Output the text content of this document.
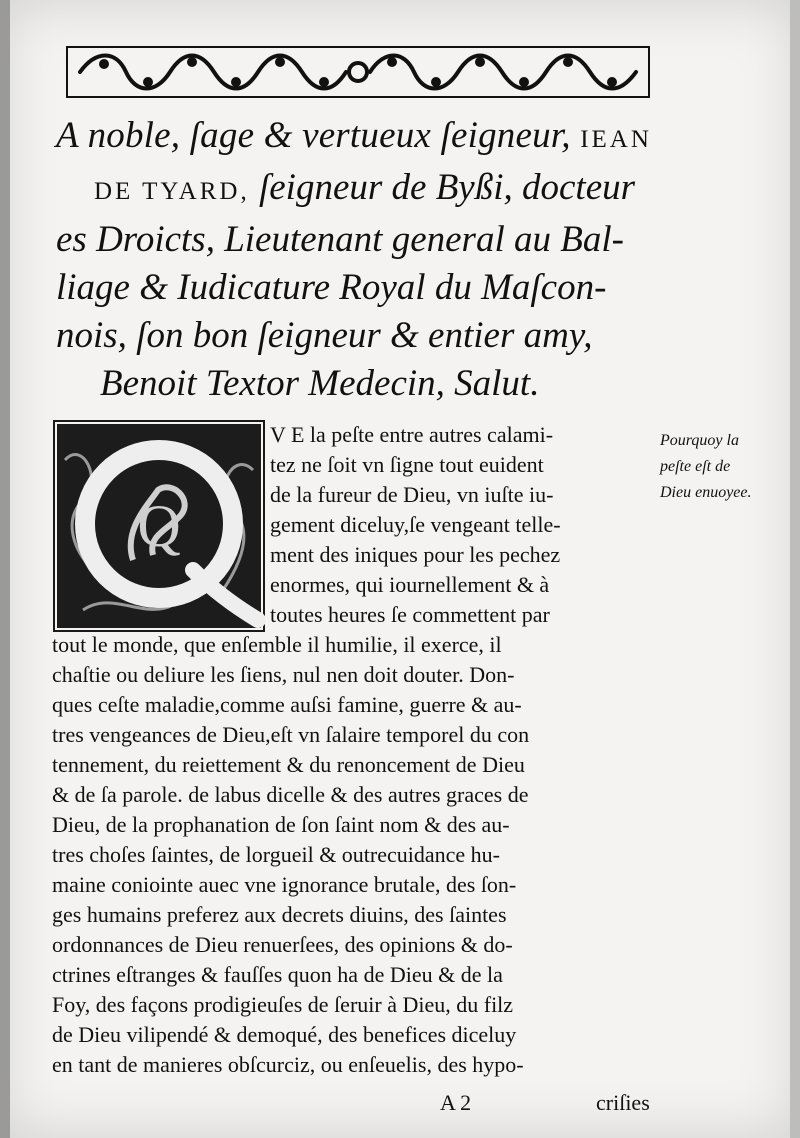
A noble, ſage & vertueux ſeigneur, IEAN
DE TYARD, ſeigneur de Byßi, docteur
es Droicts, Lieutenant general au Bal-
liage & Iudicature Royal du Maſcon-
nois, ſon bon ſeigneur & entier amy,
Benoit Textor Medecin, Salut.
Q
V E la peſte entre autres calami-
tez ne ſoit vn ſigne tout euident
de la fureur de Dieu, vn iuſte iu-
gement diceluy,ſe vengeant telle-
ment des iniques pour les pechez
enormes, qui iournellement & à
toutes heures ſe commettent par
tout le monde, que enſemble il humilie, il exerce, il
chaſtie ou deliure les ſiens, nul nen doit douter. Don-
ques ceſte maladie,comme auſsi famine, guerre & au-
tres vengeances de Dieu,eſt vn ſalaire temporel du con
tennement, du reiettement & du renoncement de Dieu
& de ſa parole. de labus dicelle & des autres graces de
Dieu, de la prophanation de ſon ſaint nom & des au-
tres choſes ſaintes, de lorgueil & outrecuidance hu-
maine coniointe auec vne ignorance brutale, des ſon-
ges humains preferez aux decrets diuins, des ſaintes
ordonnances de Dieu renuerſees, des opinions & do-
ctrines eſtranges & fauſſes quon ha de Dieu & de la
Foy, des façons prodigieuſes de ſeruir à Dieu, du filz
de Dieu vilipendé & demoqué, des benefices diceluy
en tant de manieres obſcurciz, ou enſeuelis, des hypo-
Pourquoy la
peſte eſt de
Dieu enuoyee.
A 2	criſies
